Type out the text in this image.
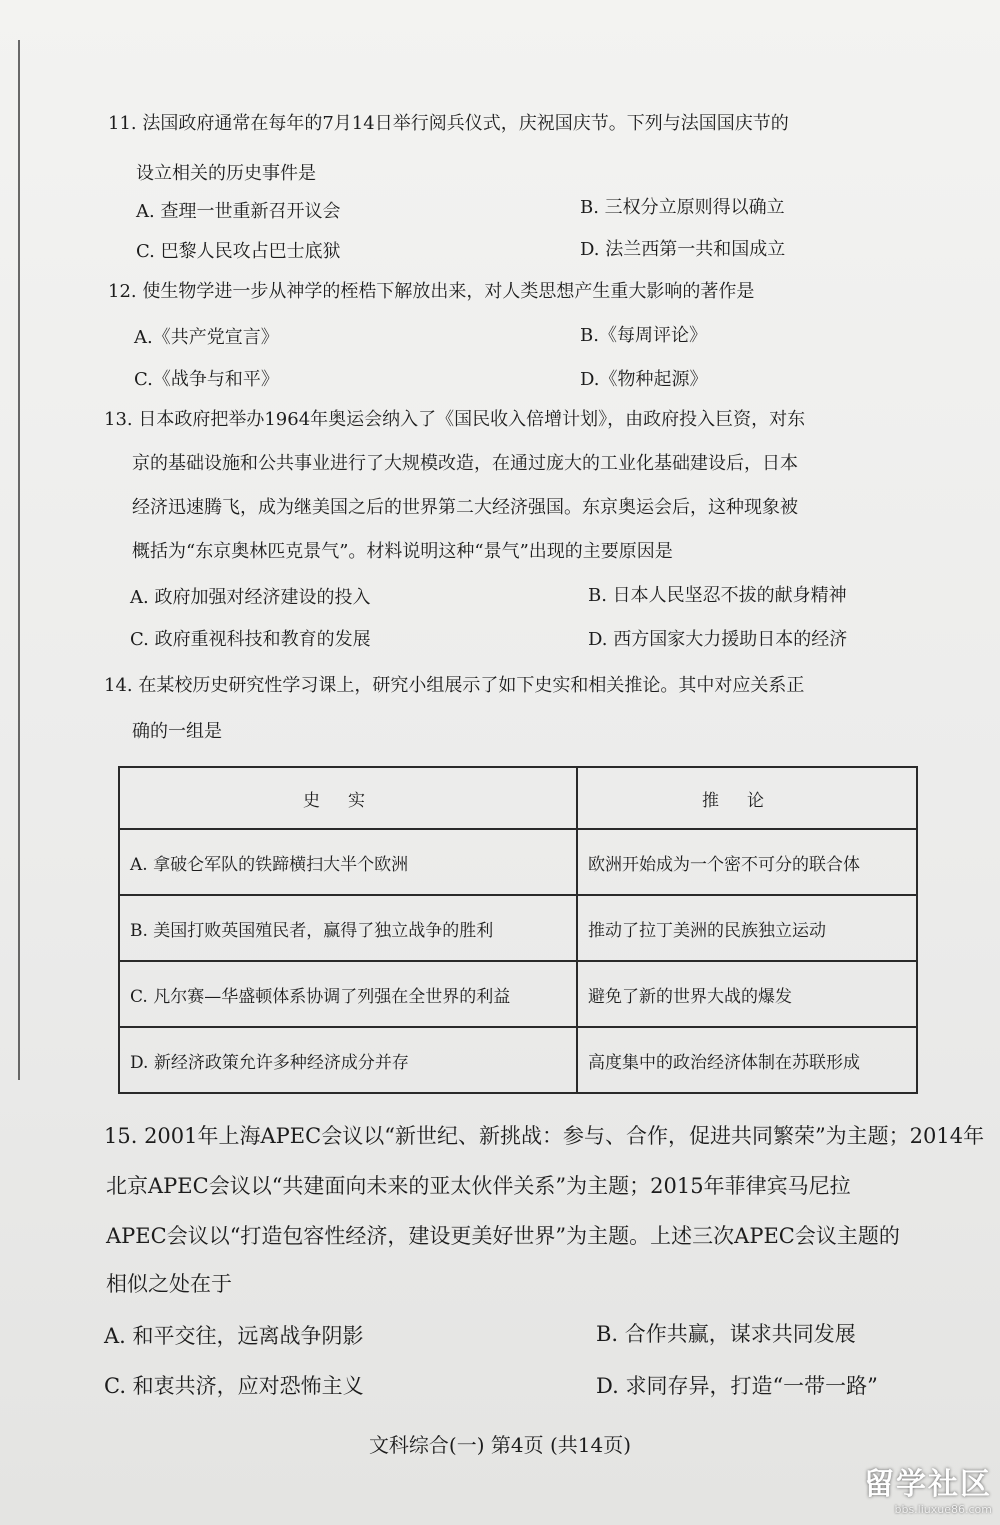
11. 法国政府通常在每年的7月14日举行阅兵仪式，庆祝国庆节。下列与法国国庆节的
设立相关的历史事件是
A. 查理一世重新召开议会	B. 三权分立原则得以确立
C. 巴黎人民攻占巴士底狱	D. 法兰西第一共和国成立
12. 使生物学进一步从神学的桎梏下解放出来，对人类思想产生重大影响的著作是
A.《共产党宣言》	B.《每周评论》
C.《战争与和平》	D.《物种起源》
13. 日本政府把举办1964年奥运会纳入了《国民收入倍增计划》，由政府投入巨资，对东
京的基础设施和公共事业进行了大规模改造，在通过庞大的工业化基础建设后，日本
经济迅速腾飞，成为继美国之后的世界第二大经济强国。东京奥运会后，这种现象被
概括为“东京奥林匹克景气”。材料说明这种“景气”出现的主要原因是
A. 政府加强对经济建设的投入	B. 日本人民坚忍不拔的献身精神
C. 政府重视科技和教育的发展	D. 西方国家大力援助日本的经济
14. 在某校历史研究性学习课上，研究小组展示了如下史实和相关推论。其中对应关系正
确的一组是
史实	推论
A. 拿破仑军队的铁蹄横扫大半个欧洲	欧洲开始成为一个密不可分的联合体
B. 美国打败英国殖民者，赢得了独立战争的胜利	推动了拉丁美洲的民族独立运动
C. 凡尔赛—华盛顿体系协调了列强在全世界的利益	避免了新的世界大战的爆发
D. 新经济政策允许多种经济成分并存	高度集中的政治经济体制在苏联形成
15. 2001年上海APEC会议以“新世纪、新挑战：参与、合作，促进共同繁荣”为主题；2014年
北京APEC会议以“共建面向未来的亚太伙伴关系”为主题；2015年菲律宾马尼拉
APEC会议以“打造包容性经济，建设更美好世界”为主题。上述三次APEC会议主题的
相似之处在于
A. 和平交往，远离战争阴影	B. 合作共赢，谋求共同发展
C. 和衷共济，应对恐怖主义	D. 求同存异，打造“一带一路”
文科综合(一) 第4页 (共14页)
留学社区
bbs.liuxue86.com
